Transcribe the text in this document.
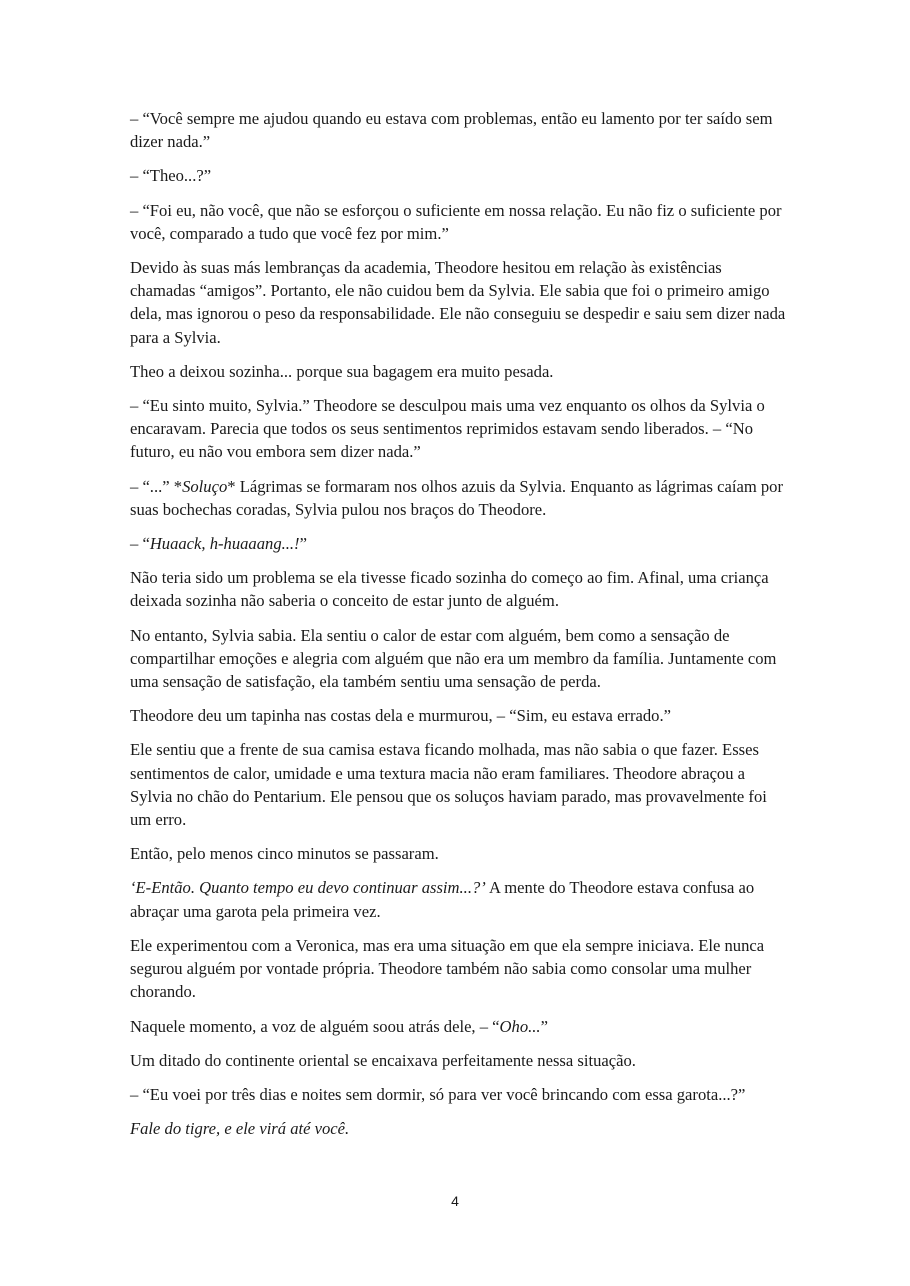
– “Você sempre me ajudou quando eu estava com problemas, então eu lamento por ter saído sem dizer nada.”

– “Theo...?”

– “Foi eu, não você, que não se esforçou o suficiente em nossa relação. Eu não fiz o suficiente por você, comparado a tudo que você fez por mim.”

Devido às suas más lembranças da academia, Theodore hesitou em relação às existências chamadas “amigos”. Portanto, ele não cuidou bem da Sylvia. Ele sabia que foi o primeiro amigo dela, mas ignorou o peso da responsabilidade. Ele não conseguiu se despedir e saiu sem dizer nada para a Sylvia.

Theo a deixou sozinha... porque sua bagagem era muito pesada.

– “Eu sinto muito, Sylvia.” Theodore se desculpou mais uma vez enquanto os olhos da Sylvia o encaravam. Parecia que todos os seus sentimentos reprimidos estavam sendo liberados. – “No futuro, eu não vou embora sem dizer nada.”

– “...” *Soluço* Lágrimas se formaram nos olhos azuis da Sylvia. Enquanto as lágrimas caíam por suas bochechas coradas, Sylvia pulou nos braços do Theodore.

– “Huaack, h-huaaang...!”

Não teria sido um problema se ela tivesse ficado sozinha do começo ao fim. Afinal, uma criança deixada sozinha não saberia o conceito de estar junto de alguém.

No entanto, Sylvia sabia. Ela sentiu o calor de estar com alguém, bem como a sensação de compartilhar emoções e alegria com alguém que não era um membro da família. Juntamente com uma sensação de satisfação, ela também sentiu uma sensação de perda.

Theodore deu um tapinha nas costas dela e murmurou, – “Sim, eu estava errado.”

Ele sentiu que a frente de sua camisa estava ficando molhada, mas não sabia o que fazer. Esses sentimentos de calor, umidade e uma textura macia não eram familiares. Theodore abraçou a Sylvia no chão do Pentarium. Ele pensou que os soluços haviam parado, mas provavelmente foi um erro.

Então, pelo menos cinco minutos se passaram.

‘E-Então. Quanto tempo eu devo continuar assim...?’ A mente do Theodore estava confusa ao abraçar uma garota pela primeira vez.

Ele experimentou com a Veronica, mas era uma situação em que ela sempre iniciava. Ele nunca segurou alguém por vontade própria. Theodore também não sabia como consolar uma mulher chorando.

Naquele momento, a voz de alguém soou atrás dele, – “Oho...”

Um ditado do continente oriental se encaixava perfeitamente nessa situação.

– “Eu voei por três dias e noites sem dormir, só para ver você brincando com essa garota...?”

Fale do tigre, e ele virá até você.

4
